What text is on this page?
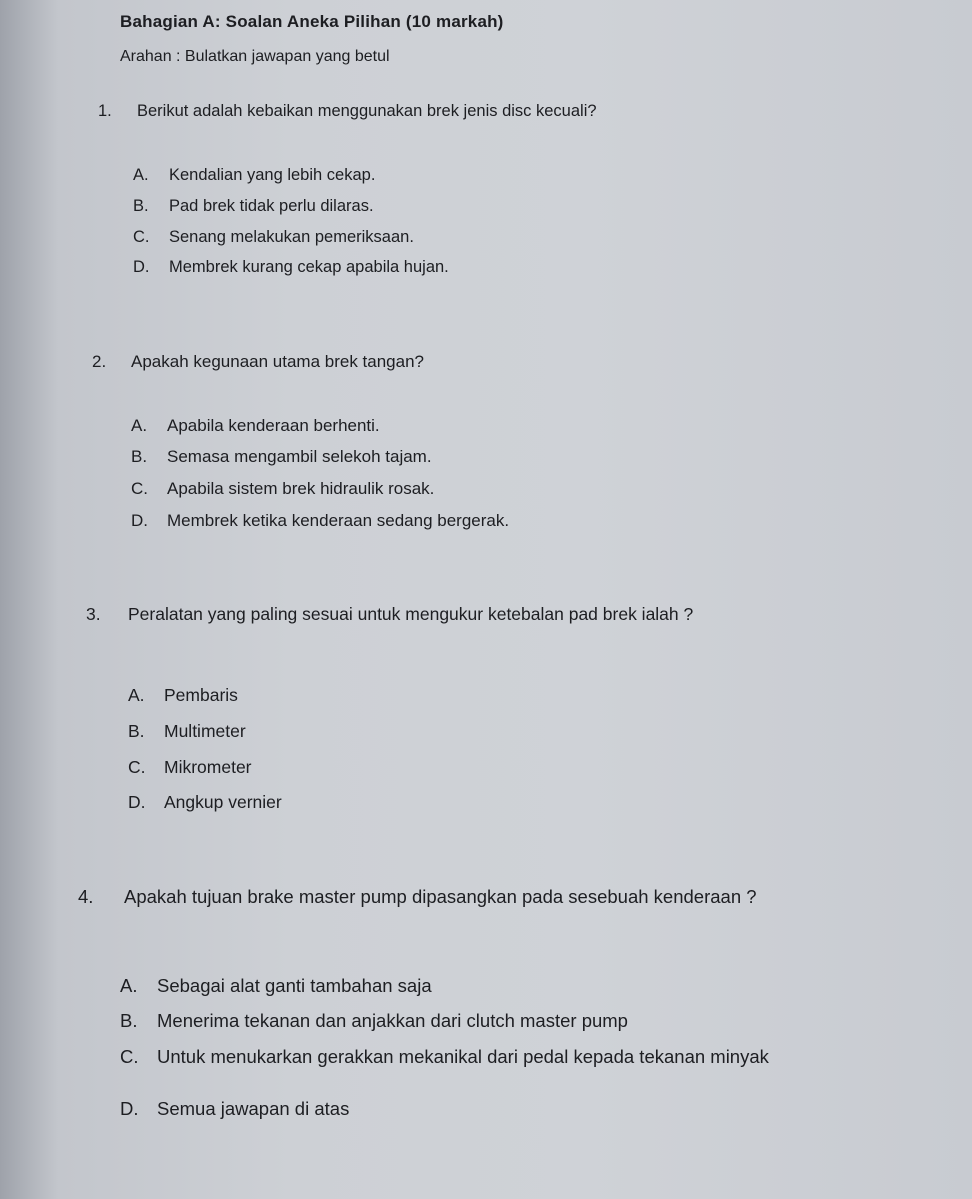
Bahagian A: Soalan Aneka Pilihan (10 markah)

Arahan : Bulatkan jawapan yang betul

1. Berikut adalah kebaikan menggunakan brek jenis disc kecuali?
A. Kendalian yang lebih cekap.
B. Pad brek tidak perlu dilaras.
C. Senang melakukan pemeriksaan.
D. Membrek kurang cekap apabila hujan.
2. Apakah kegunaan utama brek tangan?
A. Apabila kenderaan berhenti.
B. Semasa mengambil selekoh tajam.
C. Apabila sistem brek hidraulik rosak.
D. Membrek ketika kenderaan sedang bergerak.
3. Peralatan yang paling sesuai untuk mengukur ketebalan pad brek ialah ?
A. Pembaris
B. Multimeter
C. Mikrometer
D. Angkup vernier
4. Apakah tujuan brake master pump dipasangkan pada sesebuah kenderaan ?
A. Sebagai alat ganti tambahan saja
B. Menerima tekanan dan anjakkan dari clutch master pump
C. Untuk menukarkan gerakkan mekanikal dari pedal kepada tekanan minyak
D. Semua jawapan di atas
